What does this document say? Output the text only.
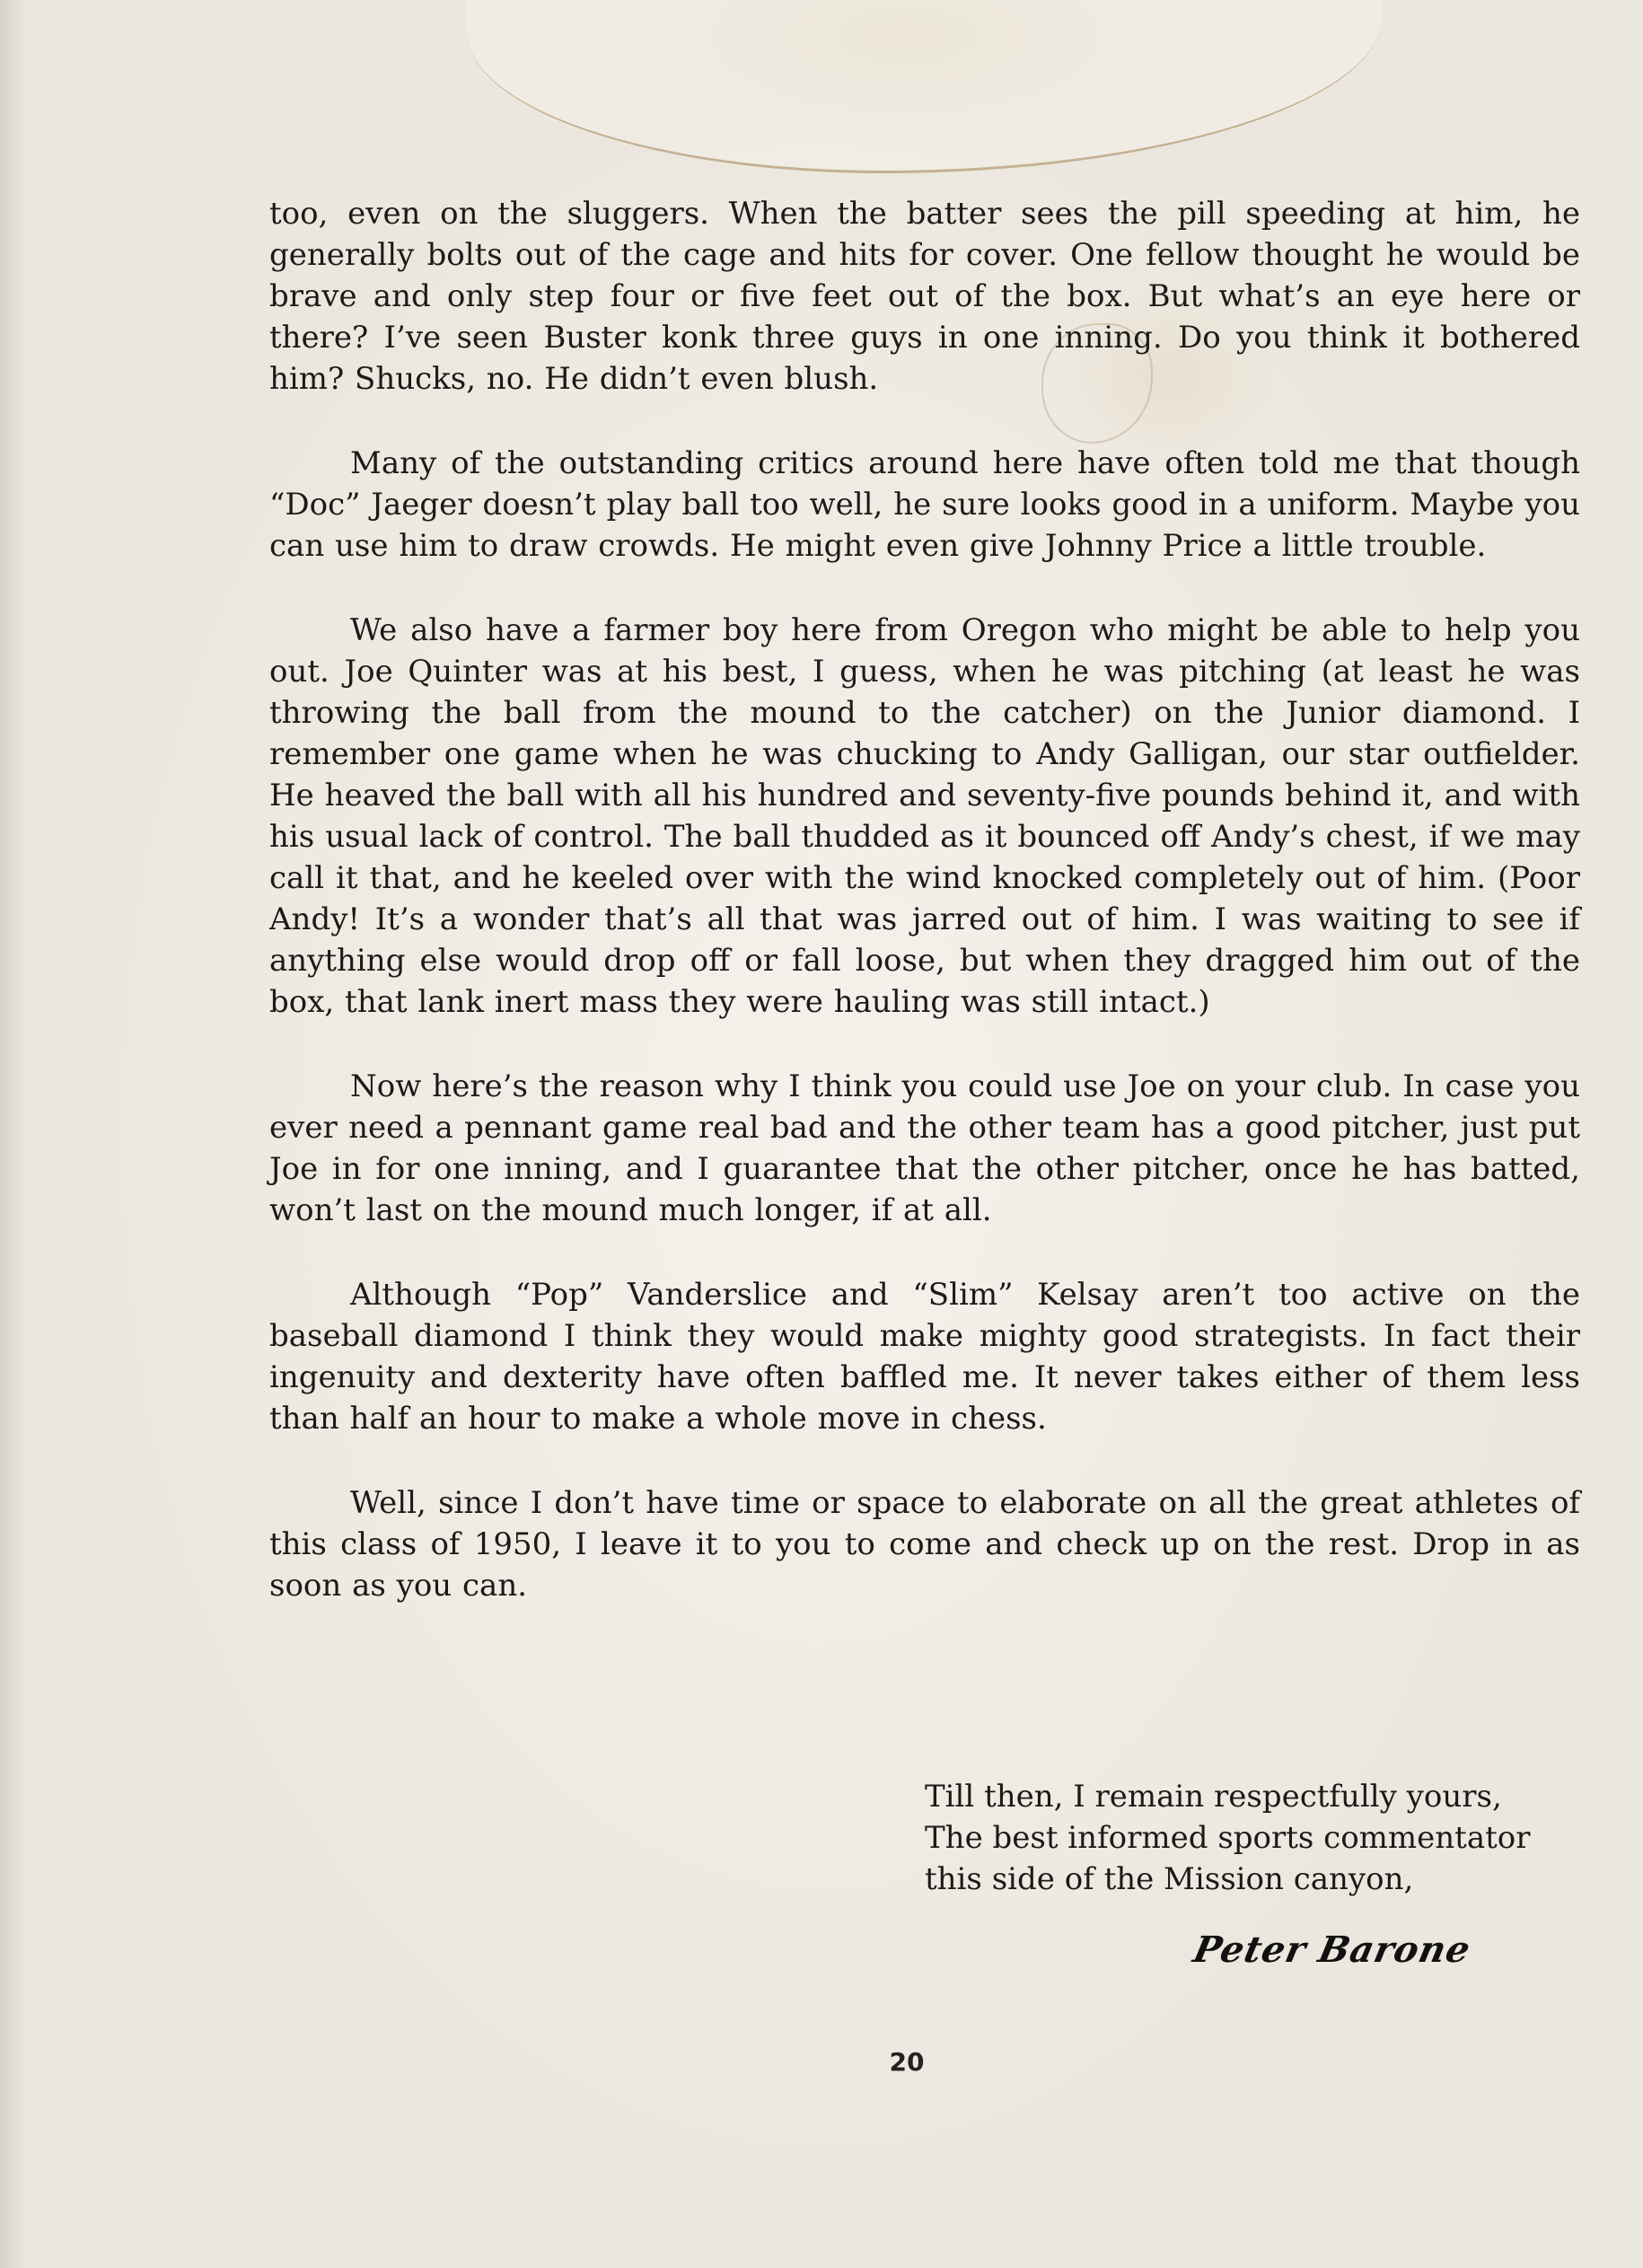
too, even on the sluggers. When the batter sees the pill speeding at him, he generally bolts out of the cage and hits for cover. One fellow thought he would be brave and only step four or five feet out of the box. But what’s an eye here or there? I’ve seen Buster konk three guys in one inning. Do you think it bothered him? Shucks, no. He didn’t even blush.

Many of the outstanding critics around here have often told me that though “Doc” Jaeger doesn’t play ball too well, he sure looks good in a uniform. Maybe you can use him to draw crowds. He might even give Johnny Price a little trouble.

We also have a farmer boy here from Oregon who might be able to help you out. Joe Quinter was at his best, I guess, when he was pitching (at least he was throwing the ball from the mound to the catcher) on the Junior diamond. I remember one game when he was chucking to Andy Galligan, our star outfielder. He heaved the ball with all his hundred and seventy-five pounds behind it, and with his usual lack of control. The ball thudded as it bounced off Andy’s chest, if we may call it that, and he keeled over with the wind knocked completely out of him. (Poor Andy! It’s a wonder that’s all that was jarred out of him. I was waiting to see if anything else would drop off or fall loose, but when they dragged him out of the box, that lank inert mass they were hauling was still intact.)

Now here’s the reason why I think you could use Joe on your club. In case you ever need a pennant game real bad and the other team has a good pitcher, just put Joe in for one inning, and I guarantee that the other pitcher, once he has batted, won’t last on the mound much longer, if at all.

Although “Pop” Vanderslice and “Slim” Kelsay aren’t too active on the baseball diamond I think they would make mighty good strategists. In fact their ingenuity and dexterity have often baffled me. It never takes either of them less than half an hour to make a whole move in chess.

Well, since I don’t have time or space to elaborate on all the great athletes of this class of 1950, I leave it to you to come and check up on the rest. Drop in as soon as you can.

Till then, I remain respectfully yours,
The best informed sports commentator
this side of the Mission canyon,
Peter Barone
20
